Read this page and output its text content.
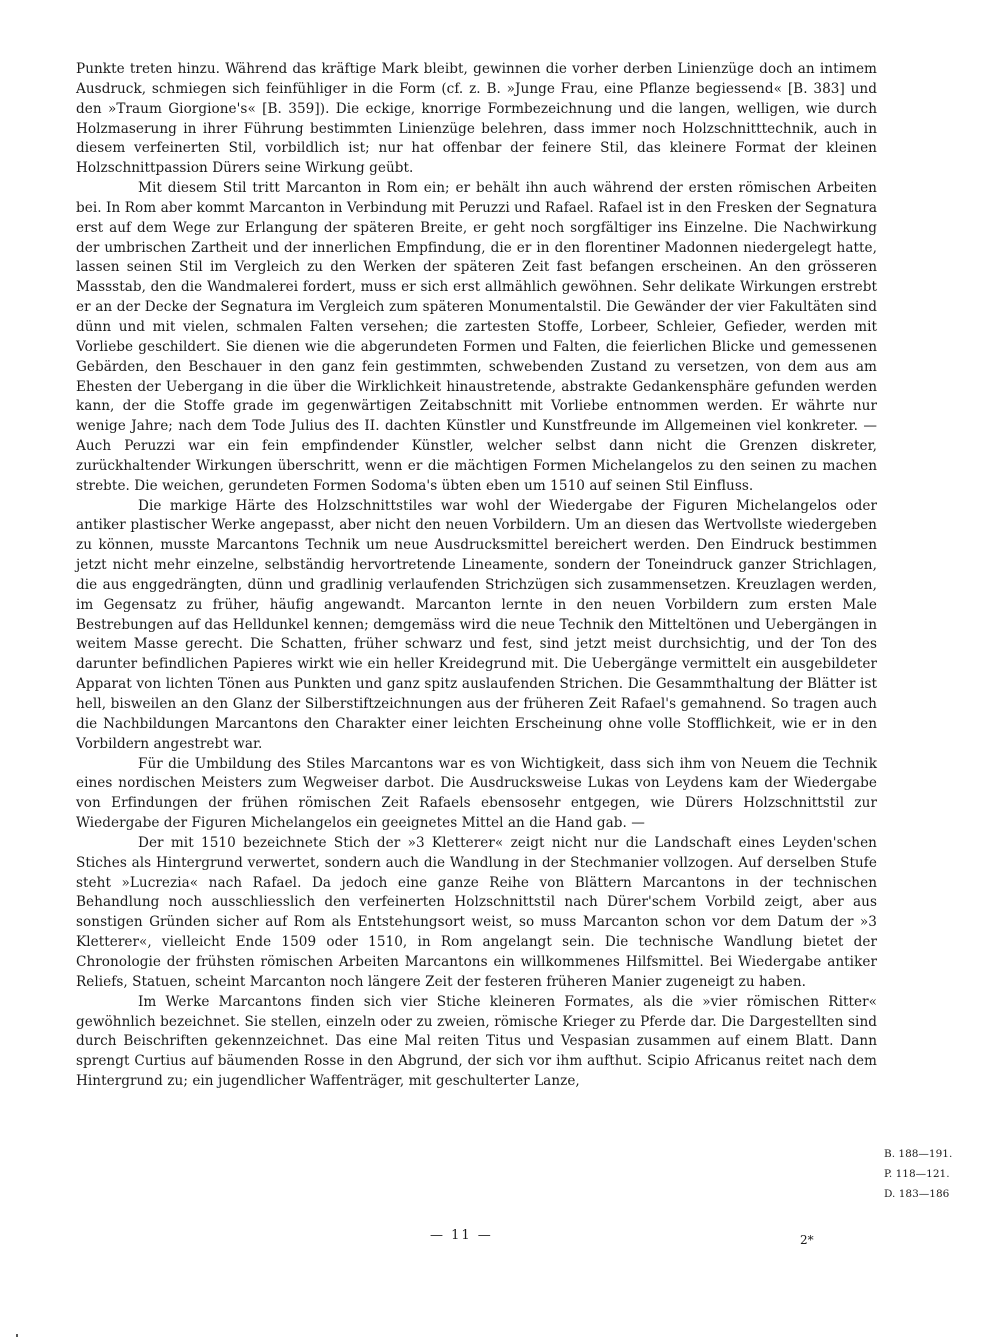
Punkte treten hinzu. Während das kräftige Mark bleibt, gewinnen die vorher derben Linienzüge doch an intimem Ausdruck, schmiegen sich feinfühliger in die Form (cf. z. B. »Junge Frau, eine Pflanze begiessend« [B. 383] und den »Traum Giorgione's« [B. 359]). Die eckige, knorrige Formbezeichnung und die langen, welligen, wie durch Holzmaserung in ihrer Führung bestimmten Linienzüge belehren, dass immer noch Holzschnitttechnik, auch in diesem verfeinerten Stil, vorbildlich ist; nur hat offenbar der feinere Stil, das kleinere Format der kleinen Holzschnittpassion Dürers seine Wirkung geübt.

Mit diesem Stil tritt Marcanton in Rom ein; er behält ihn auch während der ersten römischen Arbeiten bei. In Rom aber kommt Marcanton in Verbindung mit Peruzzi und Rafael. Rafael ist in den Fresken der Segnatura erst auf dem Wege zur Erlangung der späteren Breite, er geht noch sorgfältiger ins Einzelne. Die Nachwirkung der umbrischen Zartheit und der innerlichen Empfindung, die er in den florentiner Madonnen niedergelegt hatte, lassen seinen Stil im Vergleich zu den Werken der späteren Zeit fast befangen erscheinen. An den grösseren Massstab, den die Wandmalerei fordert, muss er sich erst allmählich gewöhnen. Sehr delikate Wirkungen erstrebt er an der Decke der Segnatura im Vergleich zum späteren Monumentalstil. Die Gewänder der vier Fakultäten sind dünn und mit vielen, schmalen Falten versehen; die zartesten Stoffe, Lorbeer, Schleier, Gefieder, werden mit Vorliebe geschildert. Sie dienen wie die abgerundeten Formen und Falten, die feierlichen Blicke und gemessenen Gebärden, den Beschauer in den ganz fein gestimmten, schwebenden Zustand zu versetzen, von dem aus am Ehesten der Uebergang in die über die Wirklichkeit hinaustretende, abstrakte Gedankensphäre gefunden werden kann, der die Stoffe grade im gegenwärtigen Zeitabschnitt mit Vorliebe entnommen werden. Er währte nur wenige Jahre; nach dem Tode Julius des II. dachten Künstler und Kunstfreunde im Allgemeinen viel konkreter. — Auch Peruzzi war ein fein empfindender Künstler, welcher selbst dann nicht die Grenzen diskreter, zurückhaltender Wirkungen überschritt, wenn er die mächtigen Formen Michelangelos zu den seinen zu machen strebte. Die weichen, gerundeten Formen Sodoma's übten eben um 1510 auf seinen Stil Einfluss.

Die markige Härte des Holzschnittstiles war wohl der Wiedergabe der Figuren Michelangelos oder antiker plastischer Werke angepasst, aber nicht den neuen Vorbildern. Um an diesen das Wertvollste wiedergeben zu können, musste Marcantons Technik um neue Ausdrucksmittel bereichert werden. Den Eindruck bestimmen jetzt nicht mehr einzelne, selbständig hervortretende Lineamente, sondern der Toneindruck ganzer Strichlagen, die aus enggedrängten, dünn und gradlinig verlaufenden Strichzügen sich zusammensetzen. Kreuzlagen werden, im Gegensatz zu früher, häufig angewandt. Marcanton lernte in den neuen Vorbildern zum ersten Male Bestrebungen auf das Helldunkel kennen; demgemäss wird die neue Technik den Mitteltönen und Uebergängen in weitem Masse gerecht. Die Schatten, früher schwarz und fest, sind jetzt meist durchsichtig, und der Ton des darunter befindlichen Papieres wirkt wie ein heller Kreidegrund mit. Die Uebergänge vermittelt ein ausgebildeter Apparat von lichten Tönen aus Punkten und ganz spitz auslaufenden Strichen. Die Gesammthaltung der Blätter ist hell, bisweilen an den Glanz der Silberstiftzeichnungen aus der früheren Zeit Rafael's gemahnend. So tragen auch die Nachbildungen Marcantons den Charakter einer leichten Erscheinung ohne volle Stofflichkeit, wie er in den Vorbildern angestrebt war.

Für die Umbildung des Stiles Marcantons war es von Wichtigkeit, dass sich ihm von Neuem die Technik eines nordischen Meisters zum Wegweiser darbot. Die Ausdrucksweise Lukas von Leydens kam der Wiedergabe von Erfindungen der frühen römischen Zeit Rafaels ebensosehr entgegen, wie Dürers Holzschnittstil zur Wiedergabe der Figuren Michelangelos ein geeignetes Mittel an die Hand gab. —

Der mit 1510 bezeichnete Stich der »3 Kletterer« zeigt nicht nur die Landschaft eines Leyden'schen Stiches als Hintergrund verwertet, sondern auch die Wandlung in der Stechmanier vollzogen. Auf derselben Stufe steht »Lucrezia« nach Rafael. Da jedoch eine ganze Reihe von Blättern Marcantons in der technischen Behandlung noch ausschliesslich den verfeinerten Holzschnittstil nach Dürer'schem Vorbild zeigt, aber aus sonstigen Gründen sicher auf Rom als Entstehungsort weist, so muss Marcanton schon vor dem Datum der »3 Kletterer«, vielleicht Ende 1509 oder 1510, in Rom angelangt sein. Die technische Wandlung bietet der Chronologie der frühsten römischen Arbeiten Marcantons ein willkommenes Hilfsmittel. Bei Wiedergabe antiker Reliefs, Statuen, scheint Marcanton noch längere Zeit der festeren früheren Manier zugeneigt zu haben.

Im Werke Marcantons finden sich vier Stiche kleineren Formates, als die »vier römischen Ritter« gewöhnlich bezeichnet. Sie stellen, einzeln oder zu zweien, römische Krieger zu Pferde dar. Die Dargestellten sind durch Beischriften gekennzeichnet. Das eine Mal reiten Titus und Vespasian zusammen auf einem Blatt. Dann sprengt Curtius auf bäumenden Rosse in den Abgrund, der sich vor ihm aufthut. Scipio Africanus reitet nach dem Hintergrund zu; ein jugendlicher Waffenträger, mit geschulterter Lanze,

B. 188—191.
P. 118—121.
D. 183—186
— 11 —	2*
